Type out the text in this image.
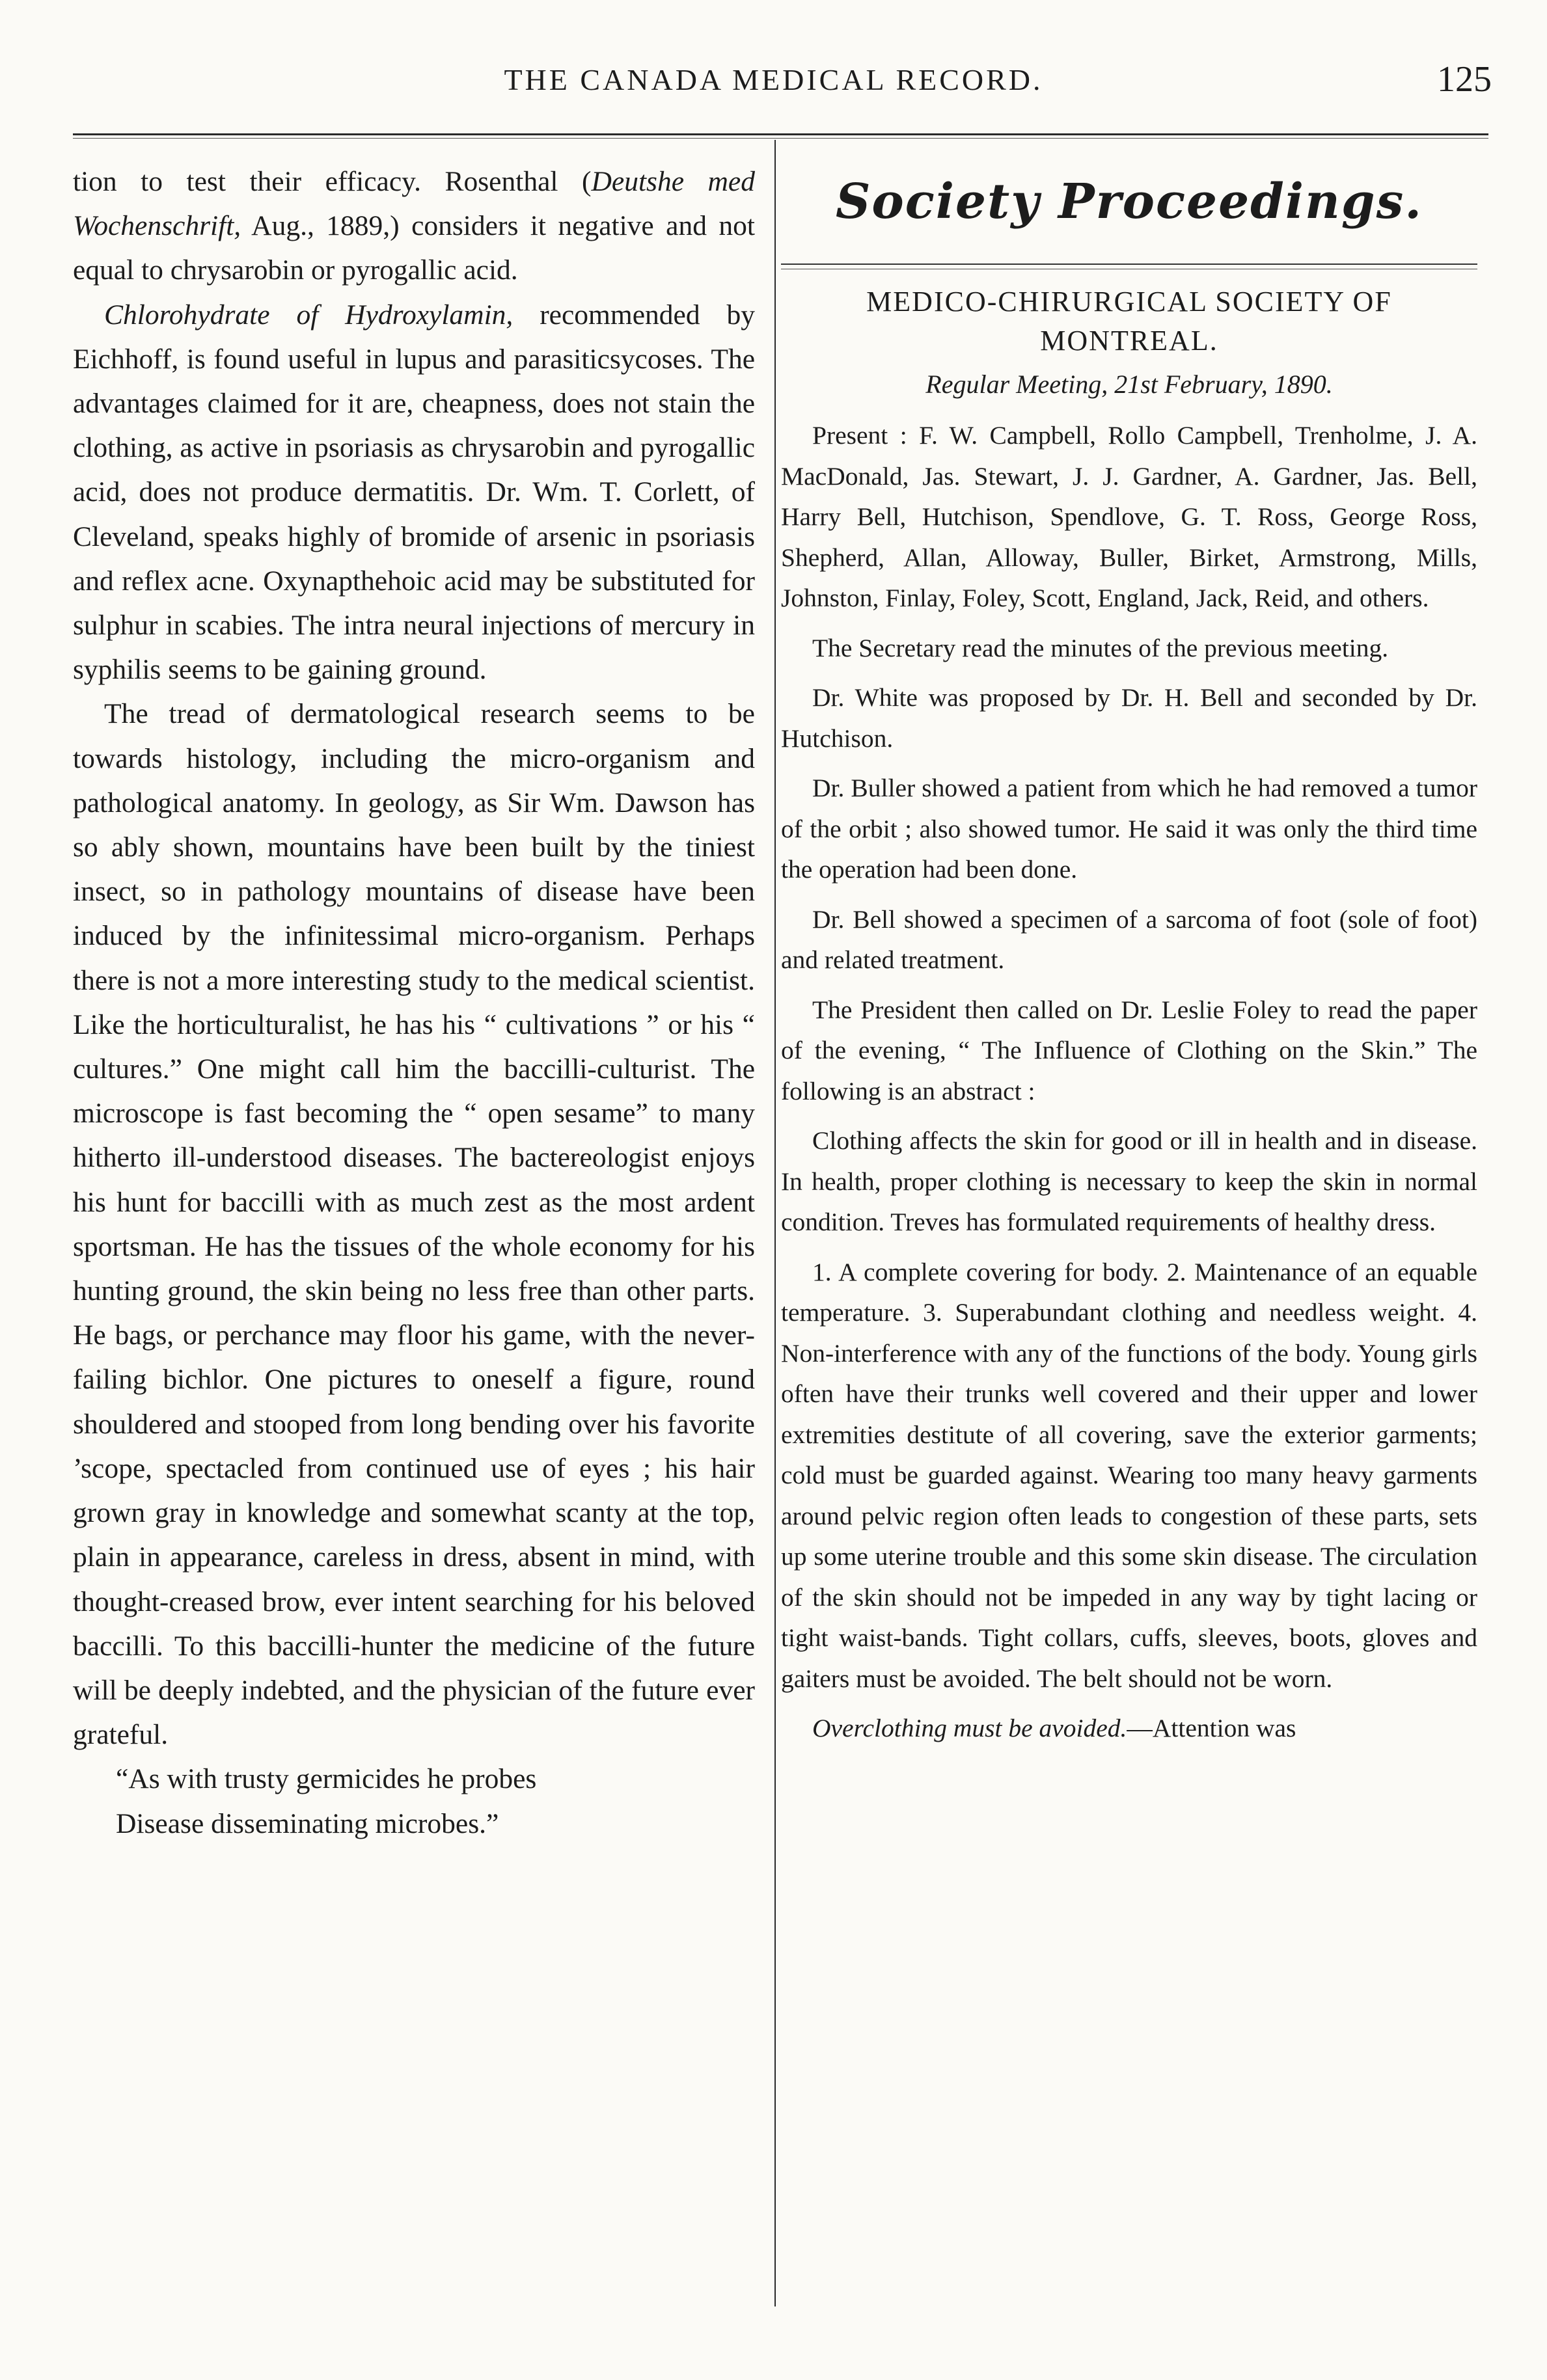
THE CANADA MEDICAL RECORD.	125

tion to test their efficacy. Rosenthal (Deutshe med Wochenschrift, Aug., 1889,) considers it negative and not equal to chrysarobin or pyrogallic acid.

Chlorohydrate of Hydroxylamin, recommended by Eichhoff, is found useful in lupus and parasiticsycoses. The advantages claimed for it are, cheapness, does not stain the clothing, as active in psoriasis as chrysarobin and pyrogallic acid, does not produce dermatitis. Dr. Wm. T. Corlett, of Cleveland, speaks highly of bromide of arsenic in psoriasis and reflex acne. Oxynapthehoic acid may be substituted for sulphur in scabies. The intra neural injections of mercury in syphilis seems to be gaining ground.

The tread of dermatological research seems to be towards histology, including the micro-organism and pathological anatomy. In geology, as Sir Wm. Dawson has so ably shown, mountains have been built by the tiniest insect, so in pathology mountains of disease have been induced by the infinitessimal micro-organism. Perhaps there is not a more interesting study to the medical scientist. Like the horticulturalist, he has his “ cultivations ” or his “ cultures.” One might call him the baccilli-culturist. The microscope is fast becoming the “ open sesame” to many hitherto ill-understood diseases. The bactereologist enjoys his hunt for baccilli with as much zest as the most ardent sportsman. He has the tissues of the whole economy for his hunting ground, the skin being no less free than other parts. He bags, or perchance may floor his game, with the never-failing bichlor. One pictures to oneself a figure, round shouldered and stooped from long bending over his favorite ’scope, spectacled from continued use of eyes ; his hair grown gray in knowledge and somewhat scanty at the top, plain in appearance, careless in dress, absent in mind, with thought-creased brow, ever intent searching for his beloved baccilli. To this baccilli-hunter the medicine of the future will be deeply indebted, and the physician of the future ever grateful.

“As with trusty germicides he probes

Disease disseminating microbes.”

Society Proceedings.

MEDICO-CHIRURGICAL SOCIETY OF MONTREAL.

Regular Meeting, 21st February, 1890.

Present : F. W. Campbell, Rollo Campbell, Trenholme, J. A. MacDonald, Jas. Stewart, J. J. Gardner, A. Gardner, Jas. Bell, Harry Bell, Hutchison, Spendlove, G. T. Ross, George Ross, Shepherd, Allan, Alloway, Buller, Birket, Armstrong, Mills, Johnston, Finlay, Foley, Scott, England, Jack, Reid, and others.

The Secretary read the minutes of the previous meeting.

Dr. White was proposed by Dr. H. Bell and seconded by Dr. Hutchison.

Dr. Buller showed a patient from which he had removed a tumor of the orbit ; also showed tumor. He said it was only the third time the operation had been done.

Dr. Bell showed a specimen of a sarcoma of foot (sole of foot) and related treatment.

The President then called on Dr. Leslie Foley to read the paper of the evening, “ The Influence of Clothing on the Skin.” The following is an abstract :

Clothing affects the skin for good or ill in health and in disease. In health, proper clothing is necessary to keep the skin in normal condition. Treves has formulated requirements of healthy dress.

1. A complete covering for body. 2. Maintenance of an equable temperature. 3. Superabundant clothing and needless weight. 4. Non-interference with any of the functions of the body. Young girls often have their trunks well covered and their upper and lower extremities destitute of all covering, save the exterior garments; cold must be guarded against. Wearing too many heavy garments around pelvic region often leads to congestion of these parts, sets up some uterine trouble and this some skin disease. The circulation of the skin should not be impeded in any way by tight lacing or tight waist-bands. Tight collars, cuffs, sleeves, boots, gloves and gaiters must be avoided. The belt should not be worn.

Overclothing must be avoided.—Attention was
